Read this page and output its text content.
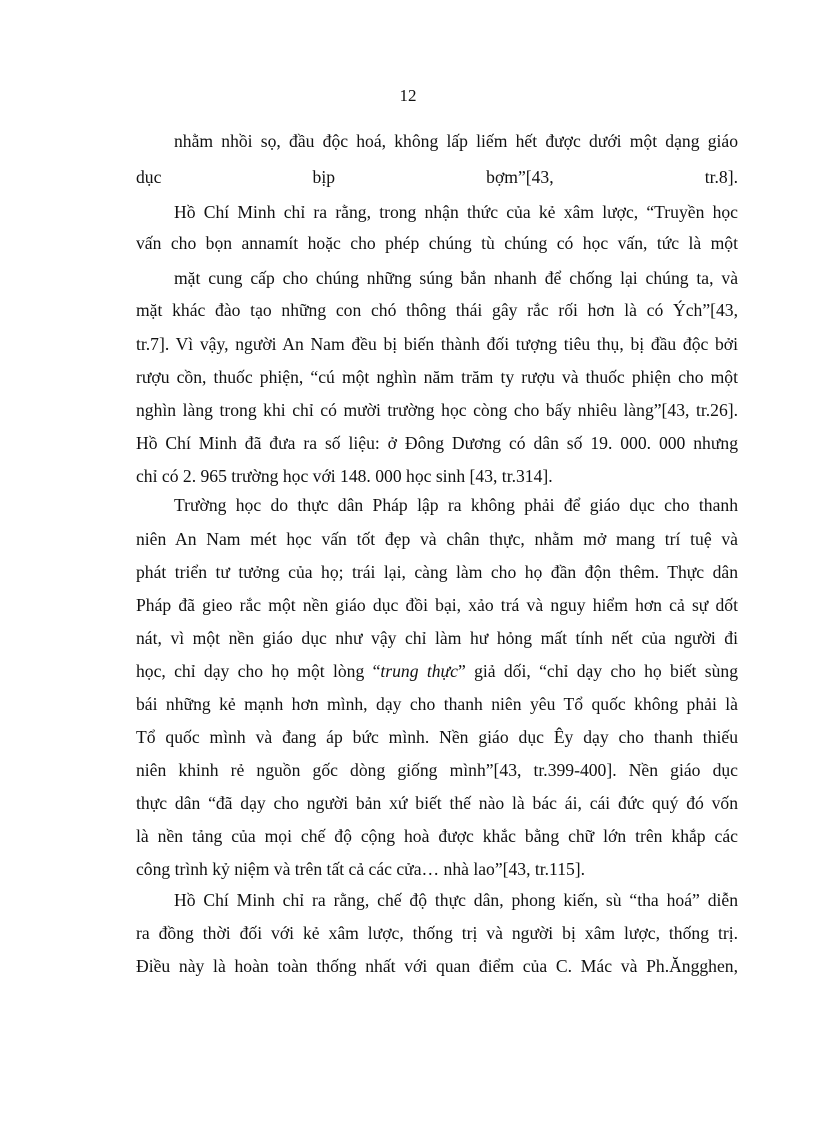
12
nhằm nhồi sọ, đầu độc hoá, không lấp liếm hết được dưới một dạng giáo
dục bịp bợm”[43, tr.8].
Hồ Chí Minh chỉ ra rằng, trong nhận thức của kẻ xâm lược, “Truyền học
vấn cho bọn annamít hoặc cho phép chúng tù chúng có học vấn, tức là một
mặt cung cấp cho chúng những súng bắn nhanh để chống lại chúng ta, và
mặt khác đào tạo những con chó thông thái gây rắc rối hơn là có Ých”[43,
tr.7]. Vì vậy, người An Nam đều bị biến thành đối tượng tiêu thụ, bị đầu độc bởi
rượu cồn, thuốc phiện, “cú một nghìn năm trăm ty rượu và thuốc phiện cho một
nghìn làng trong khi chỉ có mười trường học còng cho bấy nhiêu làng”[43, tr.26].
Hồ Chí Minh đã đưa ra số liệu: ở Đông Dương có dân số 19. 000. 000 nhưng
chỉ có 2. 965 trường học với 148. 000 học sinh [43, tr.314].
Trường học do thực dân Pháp lập ra không phải để giáo dục cho thanh
niên An Nam mét học vấn tốt đẹp và chân thực, nhằm mở mang trí tuệ và
phát triển tư tưởng của họ; trái lại, càng làm cho họ đần độn thêm. Thực dân
Pháp đã gieo rắc một nền giáo dục đồi bại, xảo trá và nguy hiểm hơn cả sự dốt
nát, vì một nền giáo dục như vậy chỉ làm hư hỏng mất tính nết của người đi
học, chỉ dạy cho họ một lòng “trung thực” giả dối, “chỉ dạy cho họ biết sùng
bái những kẻ mạnh hơn mình, dạy cho thanh niên yêu Tổ quốc không phải là
Tổ quốc mình và đang áp bức mình. Nền giáo dục Êy dạy cho thanh thiếu
niên khinh rẻ nguồn gốc dòng giống mình”[43, tr.399-400]. Nền giáo dục
thực dân “đã dạy cho người bản xứ biết thế nào là bác ái, cái đức quý đó vốn
là nền tảng của mọi chế độ cộng hoà được khắc bằng chữ lớn trên khắp các
công trình kỷ niệm và trên tất cả các cửa… nhà lao”[43, tr.115].
Hồ Chí Minh chỉ ra rằng, chế độ thực dân, phong kiến, sù “tha hoá” diễn
ra đồng thời đối với kẻ xâm lược, thống trị và người bị xâm lược, thống trị.
Điều này là hoàn toàn thống nhất với quan điểm của C. Mác và Ph.Ăngghen,
